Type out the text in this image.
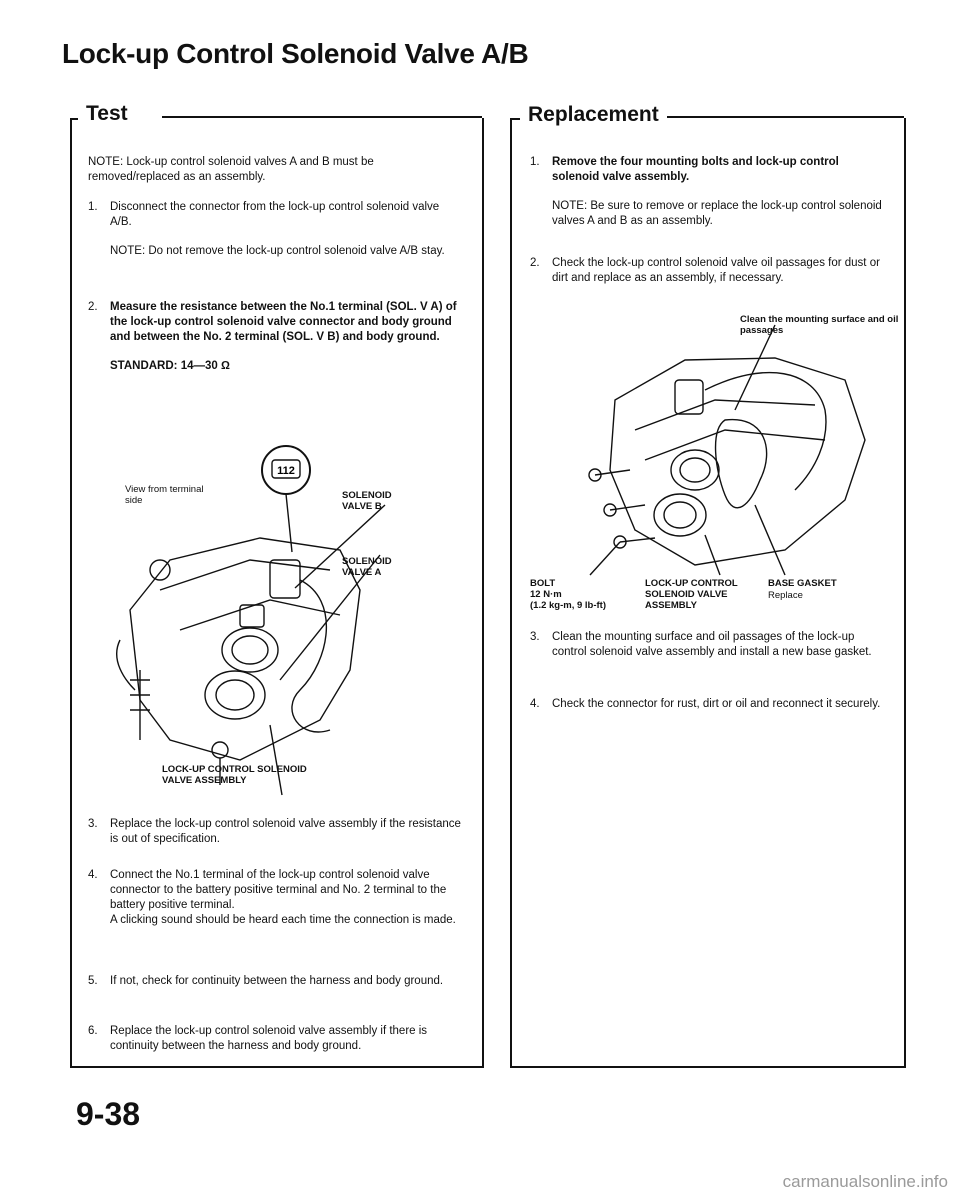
Lock-up Control Solenoid Valve A/B
Test
NOTE: Lock-up control solenoid valves A and B must be removed/replaced as an assembly.
1. Disconnect the connector from the lock-up control solenoid valve A/B.

NOTE: Do not remove the lock-up control solenoid valve A/B stay.

2. Measure the resistance between the No.1 terminal (SOL. V A) of the lock-up control solenoid valve connector and body ground and between the No. 2 terminal (SOL. V B) and body ground.

STANDARD: 14—30 Ω

112
View from terminal side	SOLENOID VALVE B
SOLENOID VALVE A
LOCK-UP CONTROL SOLENOID VALVE ASSEMBLY
3. Replace the lock-up control solenoid valve assembly if the resistance is out of specification.

4. Connect the No.1 terminal of the lock-up control solenoid valve connector to the battery positive terminal and No. 2 terminal to the battery positive terminal.

A clicking sound should be heard each time the connection is made.

5. If not, check for continuity between the harness and body ground.

6. Replace the lock-up control solenoid valve assembly if there is continuity between the harness and body ground.

Replacement
1. Remove the four mounting bolts and lock-up control solenoid valve assembly.

NOTE: Be sure to remove or replace the lock-up control solenoid valves A and B as an assembly.

2. Check the lock-up control solenoid valve oil passages for dust or dirt and replace as an assembly, if necessary.

Clean the mounting surface and oil passages
BOLT
12 N·m
(1.2 kg-m, 9 lb-ft)
LOCK-UP CONTROL SOLENOID VALVE ASSEMBLY
BASE GASKET
Replace
3. Clean the mounting surface and oil passages of the lock-up control solenoid valve assembly and install a new base gasket.

4. Check the connector for rust, dirt or oil and reconnect it securely.

9-38
carmanualsonline.info
